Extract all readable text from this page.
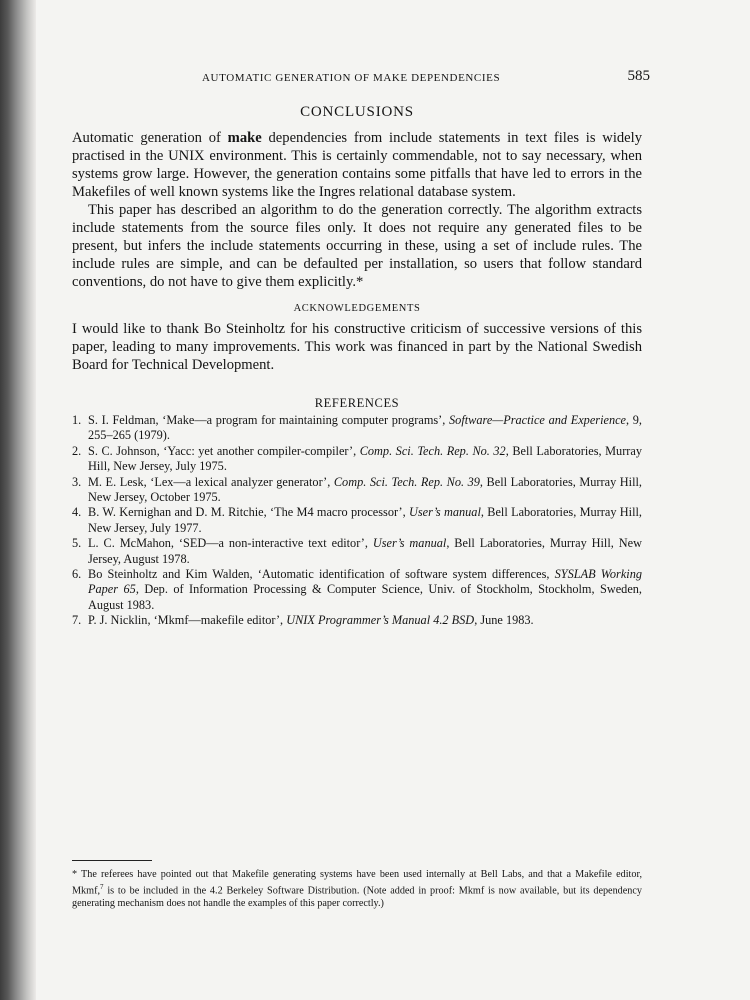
AUTOMATIC GENERATION OF MAKE DEPENDENCIES	585
CONCLUSIONS

Automatic generation of make dependencies from include statements in text files is widely practised in the UNIX environment. This is certainly commendable, not to say necessary, when systems grow large. However, the generation contains some pitfalls that have led to errors in the Makefiles of well known systems like the Ingres relational database system.

This paper has described an algorithm to do the generation correctly. The algorithm extracts include statements from the source files only. It does not require any generated files to be present, but infers the include statements occurring in these, using a set of include rules. The include rules are simple, and can be defaulted per installation, so users that follow standard conventions, do not have to give them explicitly.*

ACKNOWLEDGEMENTS

I would like to thank Bo Steinholtz for his constructive criticism of successive versions of this paper, leading to many improvements. This work was financed in part by the National Swedish Board for Technical Development.

REFERENCES
1. S. I. Feldman, ‘Make—a program for maintaining computer programs’, Software—Practice and Experience, 9, 255–265 (1979).
2. S. C. Johnson, ‘Yacc: yet another compiler-compiler’, Comp. Sci. Tech. Rep. No. 32, Bell Laboratories, Murray Hill, New Jersey, July 1975.
3. M. E. Lesk, ‘Lex—a lexical analyzer generator’, Comp. Sci. Tech. Rep. No. 39, Bell Laboratories, Murray Hill, New Jersey, October 1975.
4. B. W. Kernighan and D. M. Ritchie, ‘The M4 macro processor’, User’s manual, Bell Laboratories, Murray Hill, New Jersey, July 1977.
5. L. C. McMahon, ‘SED—a non-interactive text editor’, User’s manual, Bell Laboratories, Murray Hill, New Jersey, August 1978.
6. Bo Steinholtz and Kim Walden, ‘Automatic identification of software system differences, SYSLAB Working Paper 65, Dep. of Information Processing & Computer Science, Univ. of Stockholm, Stockholm, Sweden, August 1983.
7. P. J. Nicklin, ‘Mkmf—makefile editor’, UNIX Programmer’s Manual 4.2 BSD, June 1983.
* The referees have pointed out that Makefile generating systems have been used internally at Bell Labs, and that a Makefile editor, Mkmf,$^7$ is to be included in the 4.2 Berkeley Software Distribution. (Note added in proof: Mkmf is now available, but its dependency generating mechanism does not handle the examples of this paper correctly.)
